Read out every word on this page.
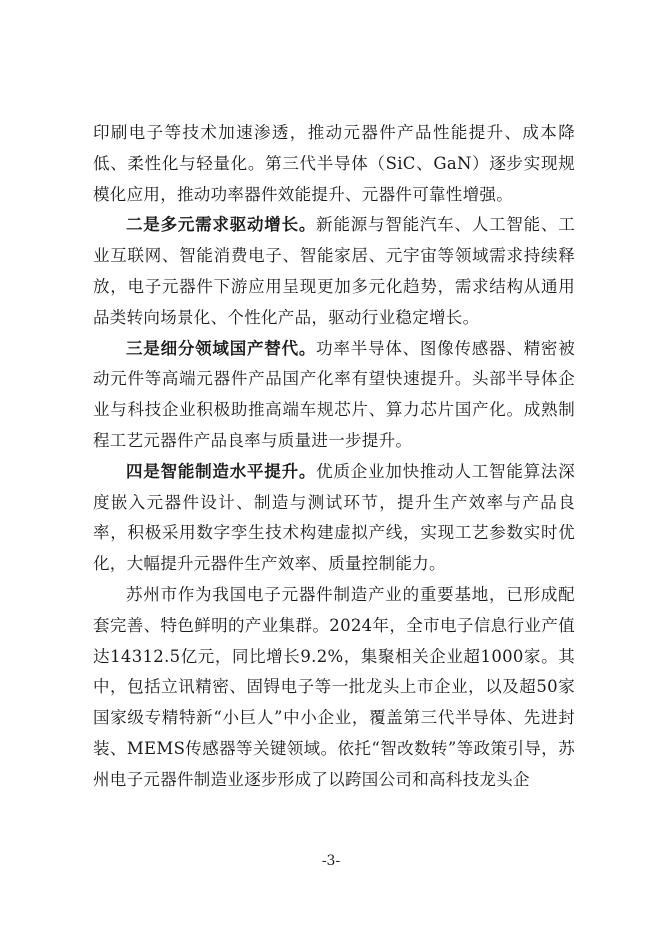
印刷电子等技术加速渗透，推动元器件产品性能提升、成本降低、柔性化与轻量化。第三代半导体（SiC、GaN）逐步实现规模化应用，推动功率器件效能提升、元器件可靠性增强。

二是多元需求驱动增长。新能源与智能汽车、人工智能、工业互联网、智能消费电子、智能家居、元宇宙等领域需求持续释放，电子元器件下游应用呈现更加多元化趋势，需求结构从通用品类转向场景化、个性化产品，驱动行业稳定增长。

三是细分领域国产替代。功率半导体、图像传感器、精密被动元件等高端元器件产品国产化率有望快速提升。头部半导体企业与科技企业积极助推高端车规芯片、算力芯片国产化。成熟制程工艺元器件产品良率与质量进一步提升。

四是智能制造水平提升。优质企业加快推动人工智能算法深度嵌入元器件设计、制造与测试环节，提升生产效率与产品良率，积极采用数字孪生技术构建虚拟产线，实现工艺参数实时优化，大幅提升元器件生产效率、质量控制能力。

苏州市作为我国电子元器件制造产业的重要基地，已形成配套完善、特色鲜明的产业集群。2024年，全市电子信息行业产值达14312.5亿元，同比增长9.2%，集聚相关企业超1000家。其中，包括立讯精密、固锝电子等一批龙头上市企业，以及超50家国家级专精特新“小巨人”中小企业，覆盖第三代半导体、先进封装、MEMS传感器等关键领域。依托“智改数转”等政策引导，苏州电子元器件制造业逐步形成了以跨国公司和高科技龙头企

-3-
